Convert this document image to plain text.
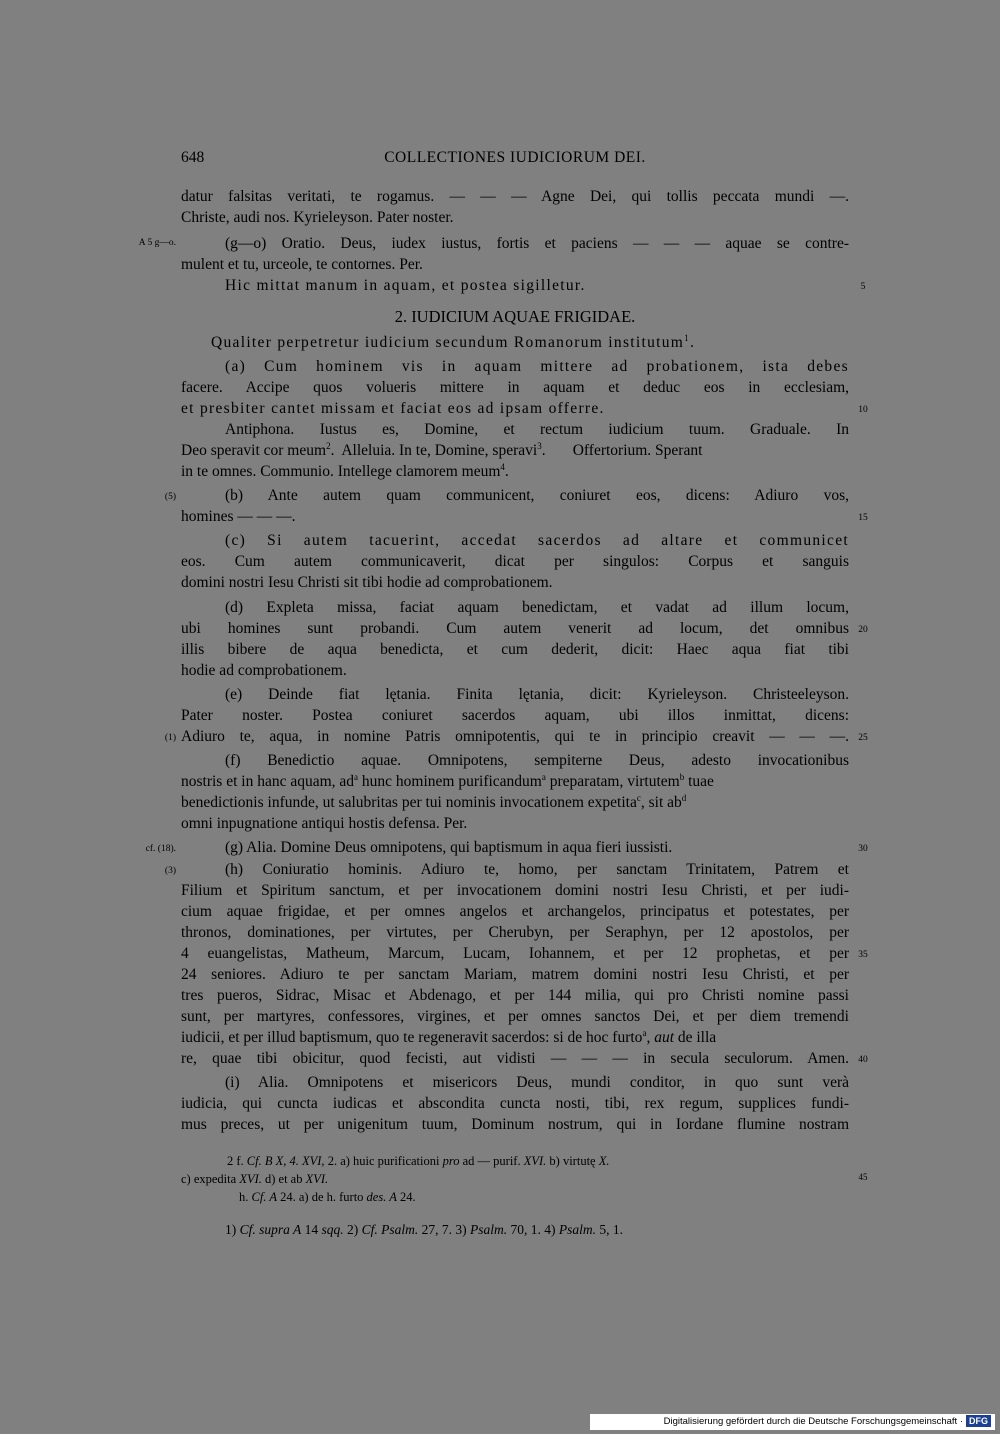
648	COLLECTIONES IUDICIORUM DEI.
datur falsitas veritati, te rogamus. — — — Agne Dei, qui tollis peccata mundi —.
Christe, audi nos. Kyrieleyson. Pater noster.
A 5 g—o.	(g—o) Oratio. Deus, iudex iustus, fortis et paciens — — — aquae se contre-
mulent et tu, urceole, te contornes. Per.
Hic mittat manum in aquam, et postea sigilletur.	5
2. IUDICIUM AQUAE FRIGIDAE.
Qualiter perpetretur iudicium secundum Romanorum institutum$^1$.
(a) Cum hominem vis in aquam mittere ad probationem, ista debes
facere. Accipe quos volueris mittere in aquam et deduc eos in ecclesiam,
et presbiter cantet missam et faciat eos ad ipsam offerre.	10
Antiphona. Iustus es, Domine, et rectum iudicium tuum. Graduale. In
Deo speravit cor meum$^2$.  Alleluia. In te, Domine, speravi$^3$.       Offertorium. Sperant
in te omnes. Communio. Intellege clamorem meum$^4$.
(5)	(b) Ante autem quam communicent, coniuret eos, dicens: Adiuro vos,
homines — — —.	15
(c) Si autem tacuerint, accedat sacerdos ad altare et communicet
eos. Cum autem communicaverit, dicat per singulos: Corpus et sanguis
domini nostri Iesu Christi sit tibi hodie ad comprobationem.
(d) Expleta missa, faciat aquam benedictam, et vadat ad illum locum,
ubi homines sunt probandi. Cum autem venerit ad locum, det omnibus 20
illis bibere de aqua benedicta, et cum dederit, dicit: Haec aqua fiat tibi
hodie ad comprobationem.
(e) Deinde fiat lętania. Finita lętania, dicit: Kyrieleyson. Christeeleyson.
Pater noster. Postea coniuret sacerdos aquam, ubi illos inmittat, dicens:
(1) Adiuro te, aqua, in nomine Patris omnipotentis, qui te in principio creavit — — —. 25
(f) Benedictio aquae. Omnipotens, sempiterne Deus, adesto invocationibus
nostris et in hanc aquam, $ad^a$ hunc hominem purificandum$^a$ preparatam, virtutem$^b$ tuae
benedictionis infunde, ut salubritas per tui nominis invocationem expetita$^c$, sit $ab^d$
omni inpugnatione antiqui hostis defensa. Per.
cf. (18).	(g) Alia. Domine Deus omnipotens, qui baptismum in aqua fieri iussisti.	30
(3)	(h) Coniuratio hominis. Adiuro te, homo, per sanctam Trinitatem, Patrem et
Filium et Spiritum sanctum, et per invocationem domini nostri Iesu Christi, et per iudi-
cium aquae frigidae, et per omnes angelos et archangelos, principatus et potestates, per
thronos, dominationes, per virtutes, per Cherubyn, per Seraphyn, per 12 apostolos, per
4 euangelistas, Matheum, Marcum, Lucam, Iohannem, et per 12 prophetas, et per 35
24 seniores. Adiuro te per sanctam Mariam, matrem domini nostri Iesu Christi, et per
tres pueros, Sidrac, Misac et Abdenago, et per 144 milia, qui pro Christi nomine passi
sunt, per martyres, confessores, virgines, et per omnes sanctos Dei, et per diem tremendi
iudicii, et per illud baptismum, quo te regeneravit sacerdos: si de hoc furto$^a$, aut de illa
re, quae tibi obicitur, quod fecisti, aut vidisti — — — in secula seculorum. Amen. 40
(i) Alia. Omnipotens et misericors Deus, mundi conditor, in quo sunt verà
iudicia, qui cuncta iudicas et abscondita cuncta nosti, tibi, rex regum, supplices fundi-
mus preces, ut per unigenitum tuum, Dominum nostrum, qui in Iordane flumine nostram
2 f. Cf. B X, 4. XVI, 2. a) huic purificationi pro ad — purif. XVI. b) virtutę X.
c) expedita XVI. d) et ab XVI.	45
h. Cf. A 24. a) de h. furto des. A 24.
1) Cf. supra A 14 sqq. 2) Cf. Psalm. 27, 7. 3) Psalm. 70, 1. 4) Psalm. 5, 1.
Digitalisierung gefördert durch die Deutsche Forschungsgemeinschaft · DFG
